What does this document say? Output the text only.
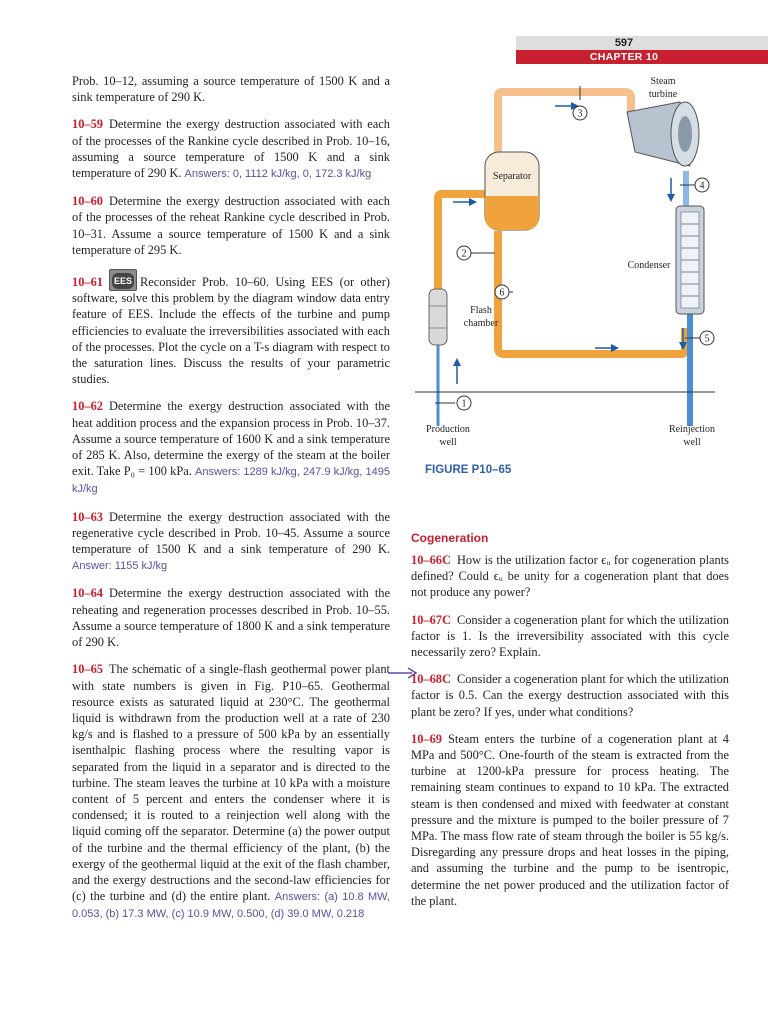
597
CHAPTER 10

Prob. 10–12, assuming a source temperature of 1500 K and a sink temperature of 290 K.

10–59 Determine the exergy destruction associated with each of the processes of the Rankine cycle described in Prob. 10–16, assuming a source temperature of 1500 K and a sink temperature of 290 K. Answers: 0, 1112 kJ/kg, 0, 172.3 kJ/kg

10–60 Determine the exergy destruction associated with each of the processes of the reheat Rankine cycle described in Prob. 10–31. Assume a source temperature of 1500 K and a sink temperature of 295 K.

10–61 EES Reconsider Prob. 10–60. Using EES (or other) software, solve this problem by the diagram window data entry feature of EES. Include the effects of the turbine and pump efficiencies to evaluate the irreversibilities associated with each of the processes. Plot the cycle on a T-s diagram with respect to the saturation lines. Discuss the results of your parametric studies.

10–62 Determine the exergy destruction associated with the heat addition process and the expansion process in Prob. 10–37. Assume a source temperature of 1600 K and a sink temperature of 285 K. Also, determine the exergy of the steam at the boiler exit. Take P₀ = 100 kPa. Answers: 1289 kJ/kg, 247.9 kJ/kg, 1495 kJ/kg

10–63 Determine the exergy destruction associated with the regenerative cycle described in Prob. 10–45. Assume a source temperature of 1500 K and a sink temperature of 290 K. Answer: 1155 kJ/kg

10–64 Determine the exergy destruction associated with the reheating and regeneration processes described in Prob. 10–55. Assume a source temperature of 1800 K and a sink temperature of 290 K.

10–65 The schematic of a single-flash geothermal power plant with state numbers is given in Fig. P10–65. Geothermal resource exists as saturated liquid at 230°C. The geothermal liquid is withdrawn from the production well at a rate of 230 kg/s and is flashed to a pressure of 500 kPa by an essentially isenthalpic flashing process where the resulting vapor is separated from the liquid in a separator and is directed to the turbine. The steam leaves the turbine at 10 kPa with a moisture content of 5 percent and enters the condenser where it is condensed; it is routed to a reinjection well along with the liquid coming off the separator. Determine (a) the power output of the turbine and the thermal efficiency of the plant, (b) the exergy of the geothermal liquid at the exit of the flash chamber, and the exergy destructions and the second-law efficiencies for (c) the turbine and (d) the entire plant. Answers: (a) 10.8 MW, 0.053, (b) 17.3 MW, (c) 10.9 MW, 0.500, (d) 39.0 MW, 0.218

Separator
Flash
chamber
Steam
turbine
Condenser
1
2
3
4
5
6
Production
well
Reinjection
well
FIGURE P10–65
Cogeneration

10–66C How is the utilization factor ϵᵤ for cogeneration plants defined? Could ϵᵤ be unity for a cogeneration plant that does not produce any power?

10–67C Consider a cogeneration plant for which the utilization factor is 1. Is the irreversibility associated with this cycle necessarily zero? Explain.

10–68C Consider a cogeneration plant for which the utilization factor is 0.5. Can the exergy destruction associated with this plant be zero? If yes, under what conditions?

10–69 Steam enters the turbine of a cogeneration plant at 4 MPa and 500°C. One-fourth of the steam is extracted from the turbine at 1200-kPa pressure for process heating. The remaining steam continues to expand to 10 kPa. The extracted steam is then condensed and mixed with feedwater at constant pressure and the mixture is pumped to the boiler pressure of 7 MPa. The mass flow rate of steam through the boiler is 55 kg/s. Disregarding any pressure drops and heat losses in the piping, and assuming the turbine and the pump to be isentropic, determine the net power produced and the utilization factor of the plant.
